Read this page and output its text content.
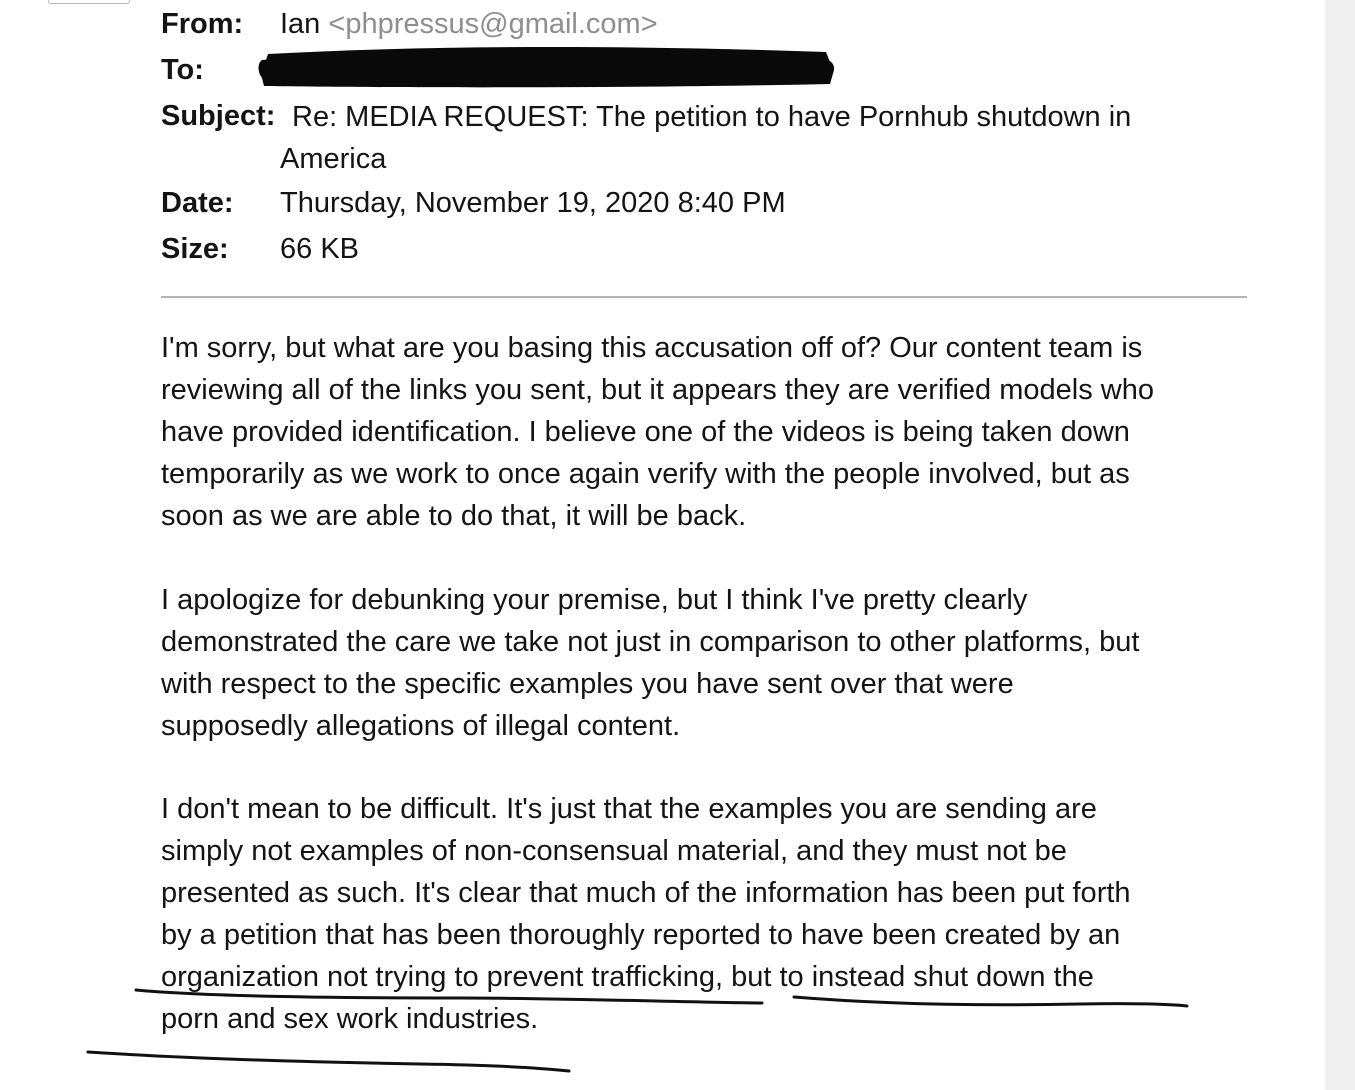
From: Ian <phpressus@gmail.com>
To:
Subject: Re: MEDIA REQUEST: The petition to have Pornhub shutdown in
America
Date: Thursday, November 19, 2020 8:40 PM
Size: 66 KB
I'm sorry, but what are you basing this accusation off of? Our content team is
reviewing all of the links you sent, but it appears they are verified models who
have provided identification. I believe one of the videos is being taken down
temporarily as we work to once again verify with the people involved, but as
soon as we are able to do that, it will be back.
I apologize for debunking your premise, but I think I've pretty clearly
demonstrated the care we take not just in comparison to other platforms, but
with respect to the specific examples you have sent over that were
supposedly allegations of illegal content.
I don't mean to be difficult. It's just that the examples you are sending are
simply not examples of non-consensual material, and they must not be
presented as such. It's clear that much of the information has been put forth
by a petition that has been thoroughly reported to have been created by an
organization not trying to prevent trafficking, but to instead shut down the
porn and sex work industries.
